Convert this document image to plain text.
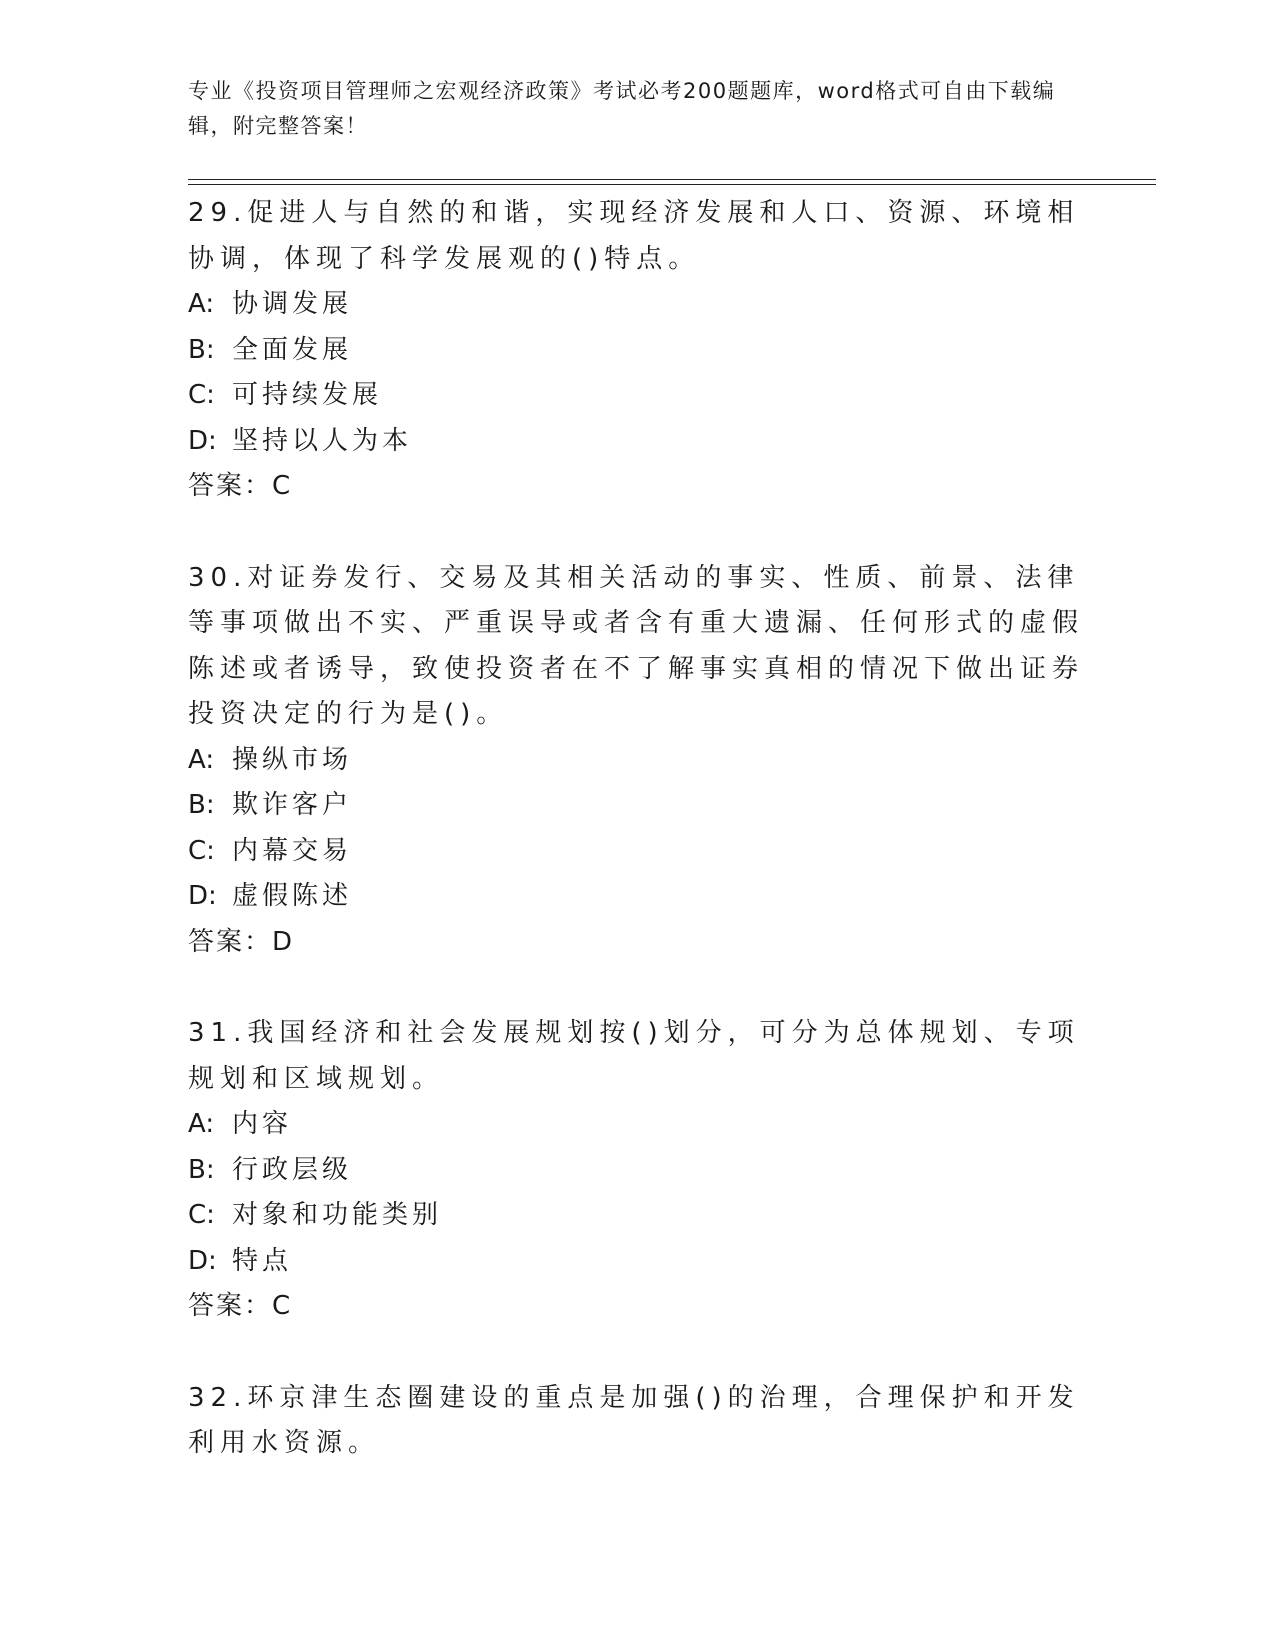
专业《投资项目管理师之宏观经济政策》考试必考200题题库，word格式可自由下载编辑，附完整答案！
29.促进人与自然的和谐，实现经济发展和人口、资源、环境相协调，体现了科学发展观的()特点。
A: 协调发展
B: 全面发展
C: 可持续发展
D: 坚持以人为本
答案：C
30.对证券发行、交易及其相关活动的事实、性质、前景、法律等事项做出不实、严重误导或者含有重大遗漏、任何形式的虚假陈述或者诱导，致使投资者在不了解事实真相的情况下做出证券投资决定的行为是()。
A: 操纵市场
B: 欺诈客户
C: 内幕交易
D: 虚假陈述
答案：D
31.我国经济和社会发展规划按()划分，可分为总体规划、专项规划和区域规划。
A: 内容
B: 行政层级
C: 对象和功能类别
D: 特点
答案：C
32.环京津生态圈建设的重点是加强()的治理，合理保护和开发利用水资源。
